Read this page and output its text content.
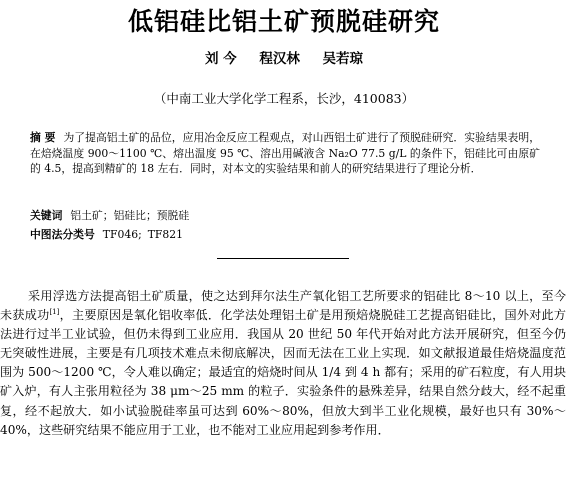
低铝硅比铝土矿预脱硅研究
刘 今 程汉林 吴若琼
（中南工业大学化学工程系，长沙，410083）
摘 要 为了提高铝土矿的品位，应用冶金反应工程观点，对山西铝土矿进行了预脱硅研究．实验结果表明，在焙烧温度 900～1100 ℃、熔出温度 95 ℃、溶出用碱液含 Na₂O 77.5 g/L 的条件下，铝硅比可由原矿的 4.5，提高到精矿的 18 左右．同时，对本文的实验结果和前人的研究结果进行了理论分析．
关键词 铝土矿；铝硅比；预脱硅
中图法分类号 TF046; TF821

采用浮选方法提高铝土矿质量，使之达到拜尔法生产氧化铝工艺所要求的铝硅比 8～10 以上，至今未获成功[1]，主要原因是氧化铝收率低．化学法处理铝土矿是用预焙烧脱硅工艺提高铝硅比，国外对此方法进行过半工业试验，但仍未得到工业应用．我国从 20 世纪 50 年代开始对此方法开展研究，但至今仍无突破性进展，主要是有几项技术难点未彻底解决，因而无法在工业上实现．如文献报道最佳焙烧温度范围为 500～1200 ℃，令人难以确定；最适宜的焙烧时间从 1/4 到 4 h 都有；采用的矿石粒度，有人用块矿入炉，有人主张用粒径为 38 μm～25 mm 的粒子．实验条件的悬殊差异，结果自然分歧大，经不起重复，经不起放大．如小试验脱硅率虽可达到 60%～80%，但放大到半工业化规模，最好也只有 30%～40%，这些研究结果不能应用于工业，也不能对工业应用起到参考作用．
